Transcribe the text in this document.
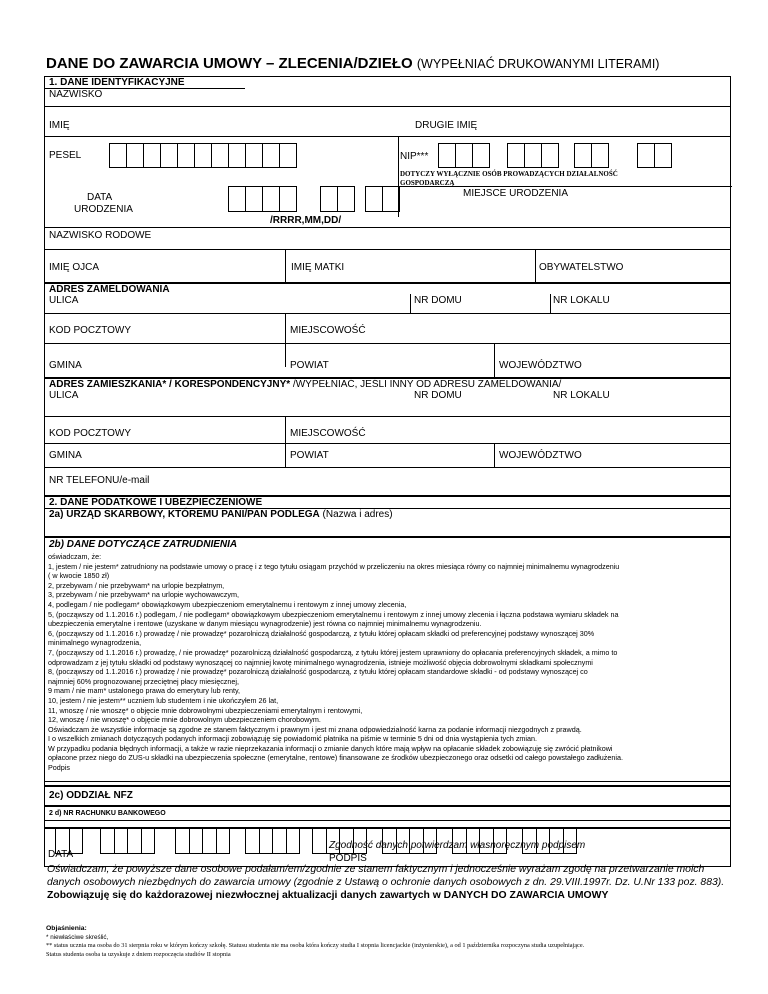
DANE DO ZAWARCIA UMOWY – ZLECENIA/DZIEŁO (WYPEŁNIAĆ DRUKOWANYMI LITERAMI)
1. DANE IDENTYFIKACYJNE
NAZWISKO
IMIĘ	DRUGIE IMIĘ
PESEL	NIP***
DOTYCZY WYŁĄCZNIE OSÓB PROWADZĄCYCH DZIAŁALNOŚĆ
GOSPODARCZĄ
DATA
URODZENIA
MIEJSCE URODZENIA
/RRRR,MM,DD/
NAZWISKO RODOWE
IMIĘ OJCA	IMIĘ MATKI	OBYWATELSTWO
ADRES ZAMELDOWANIA
ULICA	NR DOMU	NR LOKALU
KOD POCZTOWY	MIEJSCOWOŚĆ
GMINA	POWIAT	WOJEWÓDZTWO
ADRES ZAMIESZKANIA* / KORESPONDENCYJNY* /WYPEŁNIAĆ, JEŚLI INNY OD ADRESU ZAMELDOWANIA/
ULICA	NR DOMU	NR LOKALU
KOD POCZTOWY	MIEJSCOWOŚĆ
GMINA	POWIAT	WOJEWÓDZTWO
NR TELEFONU/e-mail
2. DANE PODATKOWE I UBEZPIECZENIOWE
2a) URZĄD SKARBOWY, KTÓREMU PANI/PAN PODLEGA (Nazwa i adres)
2b) DANE DOTYCZĄCE ZATRUDNIENIA
oświadczam, że:
1, jestem / nie jestem* zatrudniony na podstawie umowy o pracę i z tego tytułu osiągam przychód w przeliczeniu na okres miesiąca równy co najmniej minimalnemu wynagrodzeniu
( w kwocie 1850 zł)
2, przebywam / nie przebywam* na urlopie bezpłatnym,
3, przebywam / nie przebywam* na urlopie wychowawczym,
4, podlegam / nie podlegam* obowiązkowym ubezpieczeniom emerytalnemu i rentowym z innej umowy zlecenia,
5, (począwszy od 1.1.2016 r.) podlegam, / nie podlegam* obowiązkowym ubezpieczeniom emerytalnemu i rentowym z innej umowy zlecenia i łączna podstawa wymiaru składek na
ubezpieczenia emerytalne i rentowe (uzyskane w danym miesiącu wynagrodzenie) jest równa co najmniej minimalnemu wynagrodzeniu.
6, (począwszy od 1.1.2016 r.) prowadzę / nie prowadzę* pozarolniczą działalność gospodarczą, z tytułu której opłacam składki od preferencyjnej podstawy wynoszącej 30%
minimalnego wynagrodzenia,
7, (począwszy od 1.1.2016 r.) prowadzę, / nie prowadzę* pozarolniczą działalność gospodarczą, z tytułu której jestem uprawniony do opłacania preferencyjnych składek, a mimo to
odprowadzam z jej tytułu składki od podstawy wynoszącej co najmniej kwotę minimalnego wynagrodzenia, istnieje możliwość objęcia dobrowolnymi składkami społecznymi
8, (począwszy od 1.1.2016 r.) prowadzę / nie prowadzę* pozarolniczą działalność gospodarczą, z tytułu której opłacam standardowe składki - od podstawy wynoszącej co
najmniej 60% prognozowanej przeciętnej płacy miesięcznej,
9 mam / nie mam* ustalonego prawa do emerytury lub renty,
10, jestem / nie jestem** uczniem lub studentem i nie ukończyłem 26 lat,
11, wnoszę / nie wnoszę* o objęcie mnie dobrowolnymi ubezpieczeniami emerytalnym i rentowymi,
12, wnoszę / nie wnoszę* o objęcie mnie dobrowolnym ubezpieczeniem chorobowym.
Oświadczam że wszystkie informacje są zgodne ze stanem faktycznym i prawnym i jest mi znana odpowiedzialność karna za podanie informacji niezgodnych z prawdą.
I o wszelkich zmianach dotyczących podanych informacji zobowiązuję się powiadomić płatnika na piśmie w terminie 5 dni od dnia wystąpienia tych zmian.
W przypadku podania błędnych informacji, a także w razie nieprzekazania informacji o zmianie danych które mają wpływ na opłacanie składek zobowiązuję się zwrócić płatnikowi
opłacone przez niego do ZUS-u składki na ubezpieczenia społeczne (emerytalne, rentowe) finansowane ze środków ubezpieczonego oraz odsetki od całego powstałego zadłużenia.
Podpis
2c) ODDZIAŁ NFZ
2 d) NR RACHUNKU BANKOWEGO
Oświadczam, że powyższe dane osobowe podałam/em/zgodnie ze stanem faktycznym i jednocześnie wyrażam zgodę na przetwarzanie moich danych osobowych niezbędnych do zawarcia umowy (zgodnie z Ustawą o ochronie danych osobowych z dn. 29.VIII.1997r. Dz. U.Nr 133 poz. 883). Zobowiązuję się do każdorazowej niezwłocznej aktualizacji danych zawartych w DANYCH DO ZAWARCIA UMOWY
DATA
Zgodność danych potwierdzam własnoręcznym podpisem
PODPIS
Objaśnienia:
* niewłaściwe skreślić,
** status ucznia ma osoba do 31 sierpnia roku w którym kończy szkołę. Statusu studenta nie ma osoba która kończy studia I stopnia licencjackie (inżynierskie), a od 1 października rozpoczyna studia uzupełniające.
Status studenta osoba ta uzyskuje z dniem rozpoczęcia studiów II stopnia
